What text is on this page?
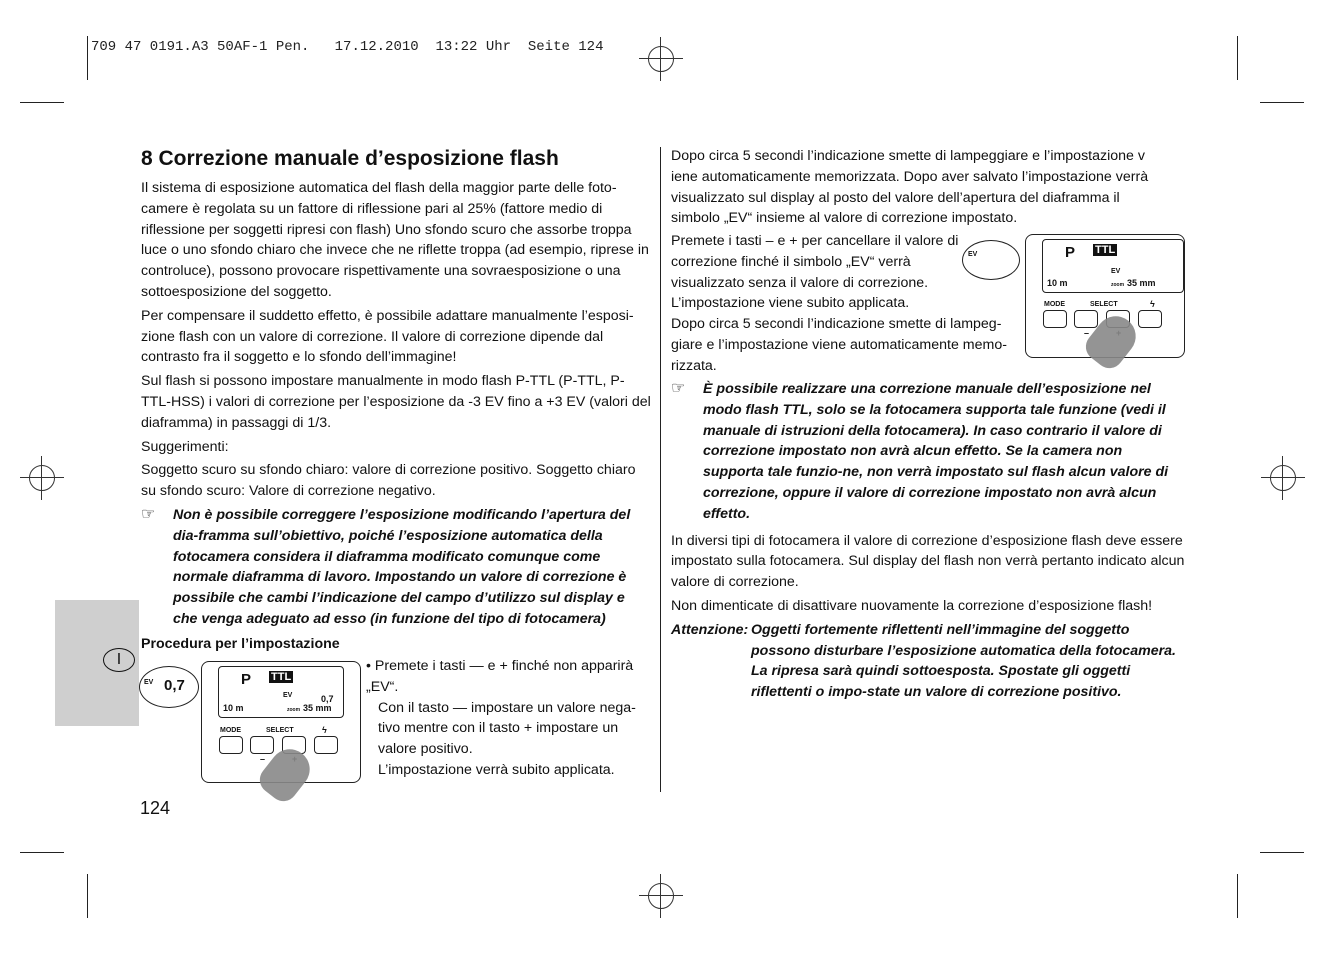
709 47 0191.A3 50AF-1 Pen.   17.12.2010  13:22 Uhr  Seite 124
I
8 Correzione manuale d’esposizione flash

Il sistema di esposizione automatica del flash della maggior parte delle foto-camere è regolata su un fattore di riflessione pari al 25% (fattore medio di riflessione per soggetti ripresi con flash) Uno sfondo scuro che assorbe troppa luce o uno sfondo chiaro che invece che ne riflette troppa (ad esempio, riprese in controluce), possono provocare rispettivamente una sovraesposizione o una sottoesposizione del soggetto.

Per compensare il suddetto effetto, è possibile adattare manualmente l’esposi-zione flash con un valore di correzione. Il valore di correzione dipende dal contrasto fra il soggetto e lo sfondo dell’immagine!

Sul flash si possono impostare manualmente in modo flash P-TTL (P-TTL, P-TTL-HSS) i valori di correzione per l’esposizione da -3 EV fino a +3 EV (valori del diaframma) in passaggi di 1/3.

Suggerimenti:

Soggetto scuro su sfondo chiaro: valore di correzione positivo. Soggetto chiaro su sfondo scuro: Valore di correzione negativo.

☞ Non è possibile correggere l’esposizione modificando l’apertura del dia-framma sull’obiettivo, poiché l’esposizione automatica della fotocamera considera il diaframma modificato comunque come normale diaframma di lavoro. Impostando un valore di correzione è possibile che cambi l’indicazione del campo d’utilizzo sul display e che venga adeguato ad esso (in funzione del tipo di fotocamera)

Procedura per l’impostazione

• Premete i tasti — e + finché non apparirà „EV“.

Con il tasto — impostare un valore nega-tivo mentre con il tasto + impostare un valore positivo.

L’impostazione verrà subito applicata.

P TTL
EV	0,7
10 m	zoom 35 mm
MODE	SELECT	ϟ
–
EV 0,7

Dopo circa 5 secondi l’indicazione smette di lampeggiare e l’impostazione v iene automaticamente memorizzata. Dopo aver salvato l’impostazione verrà visualizzato sul display al posto del valore dell’apertura del diaframma il simbolo „EV“ insieme al valore di correzione impostato.

Premete i tasti – e + per cancellare il valore di correzione finché il simbolo „EV“ verrà visualizzato senza il valore di correzione. L’impostazione viene subito applicata.

Dopo circa 5 secondi l’indicazione smette di lampeg-giare e l’impostazione viene automaticamente memo-rizzata.

☞ È possibile realizzare una correzione manuale dell’esposizione nel modo flash TTL, solo se la fotocamera supporta tale funzione (vedi il manuale di istruzioni della fotocamera). In caso contrario il valore di correzione impostato non avrà alcun effetto. Se la camera non supporta tale funzio-ne, non verrà impostato sul flash alcun valore di correzione, oppure il valore di correzione impostato non avrà alcun effetto.

In diversi tipi di fotocamera il valore di correzione d’esposizione flash deve essere impostato sulla fotocamera. Sul display del flash non verrà pertanto indicato alcun valore di correzione.

Non dimenticate di disattivare nuovamente la correzione d’esposizione flash!

Attenzione: Oggetti fortemente riflettenti nell’immagine del soggetto possono disturbare l’esposizione automatica della fotocamera. La ripresa sarà quindi sottoesposta. Spostate gli oggetti riflettenti o impo-state un valore di correzione positivo.
P TTL
EV
10 m	zoom 35 mm
MODE	SELECT	ϟ
–
EV
124
